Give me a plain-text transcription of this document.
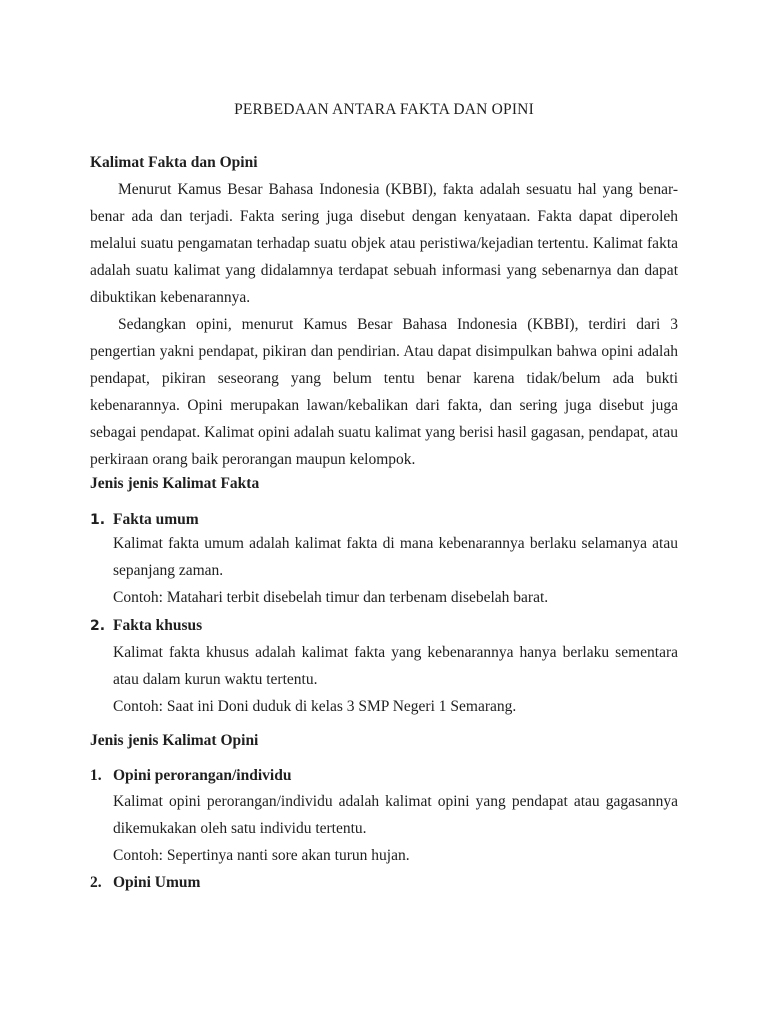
PERBEDAAN ANTARA FAKTA DAN OPINI
Kalimat Fakta dan Opini

Menurut Kamus Besar Bahasa Indonesia (KBBI), fakta adalah sesuatu hal yang benar-benar ada dan terjadi. Fakta sering juga disebut dengan kenyataan. Fakta dapat diperoleh melalui suatu pengamatan terhadap suatu objek atau peristiwa/kejadian tertentu. Kalimat fakta adalah suatu kalimat yang didalamnya terdapat sebuah informasi yang sebenarnya dan dapat dibuktikan kebenarannya.

Sedangkan opini, menurut Kamus Besar Bahasa Indonesia (KBBI), terdiri dari 3 pengertian yakni pendapat, pikiran dan pendirian. Atau dapat disimpulkan bahwa opini adalah pendapat, pikiran seseorang yang belum tentu benar karena tidak/belum ada bukti kebenarannya. Opini merupakan lawan/kebalikan dari fakta, dan sering juga disebut juga sebagai pendapat. Kalimat opini adalah suatu kalimat yang berisi hasil gagasan, pendapat, atau perkiraan orang baik perorangan maupun kelompok.

Jenis jenis Kalimat Fakta
1. Fakta umum

Kalimat fakta umum adalah kalimat fakta di mana kebenarannya berlaku selamanya atau sepanjang zaman.

Contoh: Matahari terbit disebelah timur dan terbenam disebelah barat.

2. Fakta khusus

Kalimat fakta khusus adalah kalimat fakta yang kebenarannya hanya berlaku sementara atau dalam kurun waktu tertentu.

Contoh: Saat ini Doni duduk di kelas 3 SMP Negeri 1 Semarang.

Jenis jenis Kalimat Opini
1. Opini perorangan/individu

Kalimat opini perorangan/individu adalah kalimat opini yang pendapat atau gagasannya dikemukakan oleh satu individu tertentu.

Contoh: Sepertinya nanti sore akan turun hujan.

2. Opini Umum
